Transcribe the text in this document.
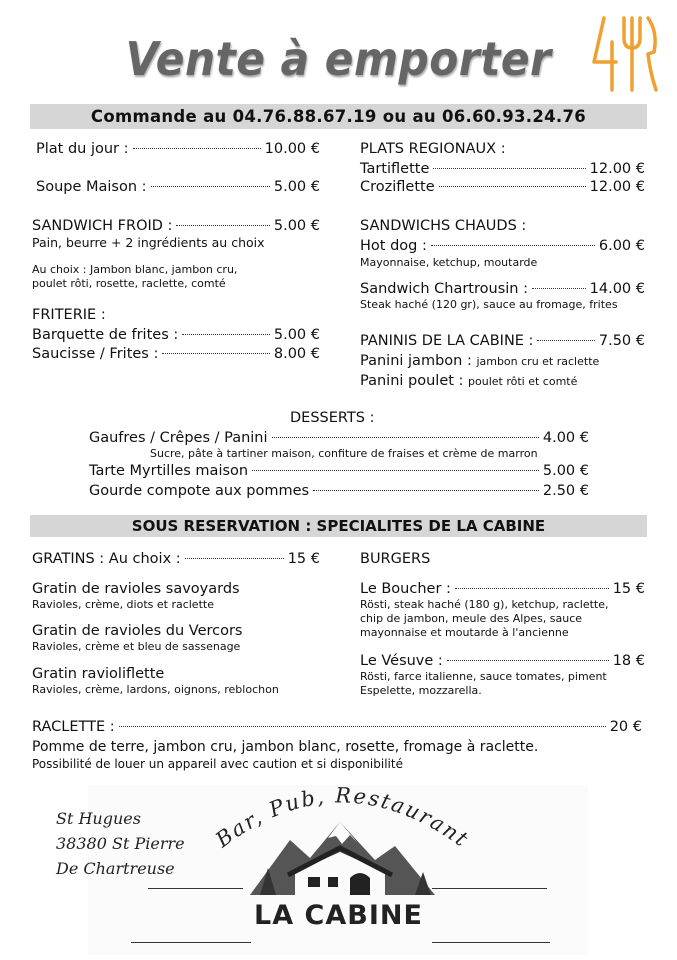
Vente à emporter
Commande au 04.76.88.67.19 ou au 06.60.93.24.76
Plat du jour :	10.00 €
Soupe Maison :	5.00 €
SANDWICH FROID :	5.00 €
Pain, beurre + 2 ingrédients au choix
Au choix : Jambon blanc, jambon cru,
poulet rôti, rosette, raclette, comté
FRITERIE :
Barquette de frites :	5.00 €
Saucisse / Frites :	8.00 €
PLATS REGIONAUX :
Tartiflette	12.00 €
Croziflette	12.00 €
SANDWICHS CHAUDS :
Hot dog :	6.00 €
Mayonnaise, ketchup, moutarde
Sandwich Chartrousin :	14.00 €
Steak haché (120 gr), sauce au fromage, frites
PANINIS DE LA CABINE :	7.50 €
Panini jambon : jambon cru et raclette
Panini poulet : poulet rôti et comté
DESSERTS :
Gaufres / Crêpes / Panini	4.00 €
Sucre, pâte à tartiner maison, confiture de fraises et crème de marron
Tarte Myrtilles maison	5.00 €
Gourde compote aux pommes	2.50 €
SOUS RESERVATION : SPECIALITES DE LA CABINE
GRATINS : Au choix :	15 €
Gratin de ravioles savoyards
Ravioles, crème, diots et raclette
Gratin de ravioles du Vercors
Ravioles, crème et bleu de sassenage
Gratin ravioliflette
Ravioles, crème, lardons, oignons, reblochon
BURGERS
Le Boucher :	15 €
Rösti, steak haché (180 g), ketchup, raclette,
chip de jambon, meule des Alpes, sauce
mayonnaise et moutarde à l'ancienne
Le Vésuve :	18 €
Rösti, farce italienne, sauce tomates, piment
Espelette, mozzarella.
RACLETTE :	20 €
Pomme de terre, jambon cru, jambon blanc, rosette, fromage à raclette.
Possibilité de louer un appareil avec caution et si disponibilité
St Hugues
38380 St Pierre
De Chartreuse
Bar, Pub, Restaurant
LA CABINE
